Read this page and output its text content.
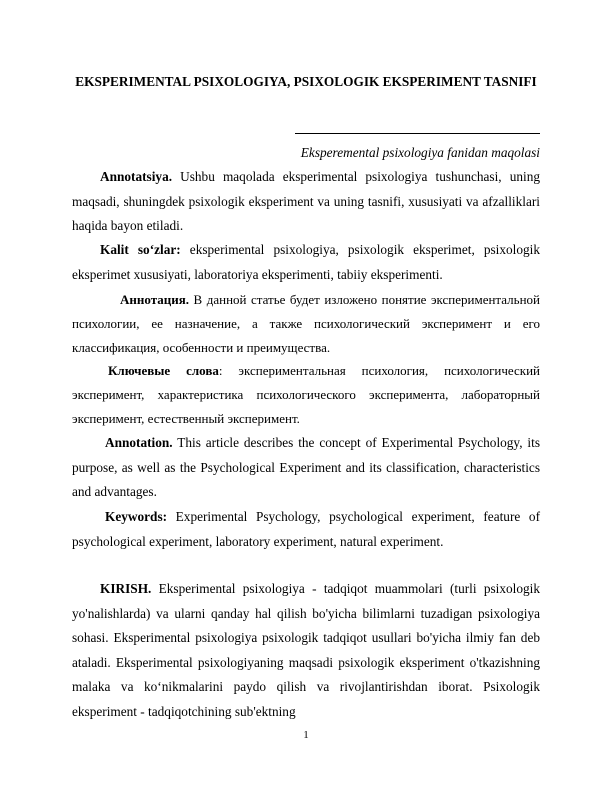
EKSPERIMENTAL PSIXOLOGIYA, PSIXOLOGIK EKSPERIMENT TASNIFI
Eksperemental psixologiya fanidan maqolasi
Annotatsiya. Ushbu maqolada eksperimental psixologiya tushunchasi, uning maqsadi, shuningdek psixologik eksperiment va uning tasnifi, xususiyati va afzalliklari haqida bayon etiladi.
Kalit so‘zlar: eksperimental psixologiya, psixologik eksperimet, psixologik eksperimet xususiyati, laboratoriya eksperimenti, tabiiy eksperimenti.
Аннотация. В данной статье будет изложено понятие экспериментальной психологии, ее назначение, а также психологический эксперимент и его классификация, особенности и преимущества.
Ключевые слова: экспериментальная психология, психологический эксперимент, характеристика психологического эксперимента, лабораторный эксперимент, естественный эксперимент.
Annotation. This article describes the concept of Experimental Psychology, its purpose, as well as the Psychological Experiment and its classification, characteristics and advantages.
Keywords: Experimental Psychology, psychological experiment, feature of psychological experiment, laboratory experiment, natural experiment.
KIRISH. Eksperimental psixologiya - tadqiqot muammolari (turli psixologik yo'nalishlarda) va ularni qanday hal qilish bo'yicha bilimlarni tuzadigan psixologiya sohasi. Eksperimental psixologiya psixologik tadqiqot usullari bo'yicha ilmiy fan deb ataladi. Eksperimental psixologiyaning maqsadi psixologik eksperiment o'tkazishning malaka va ko‘nikmalarini paydo qilish va rivojlantirishdan iborat. Psixologik eksperiment - tadqiqotchining sub'ektning
1
